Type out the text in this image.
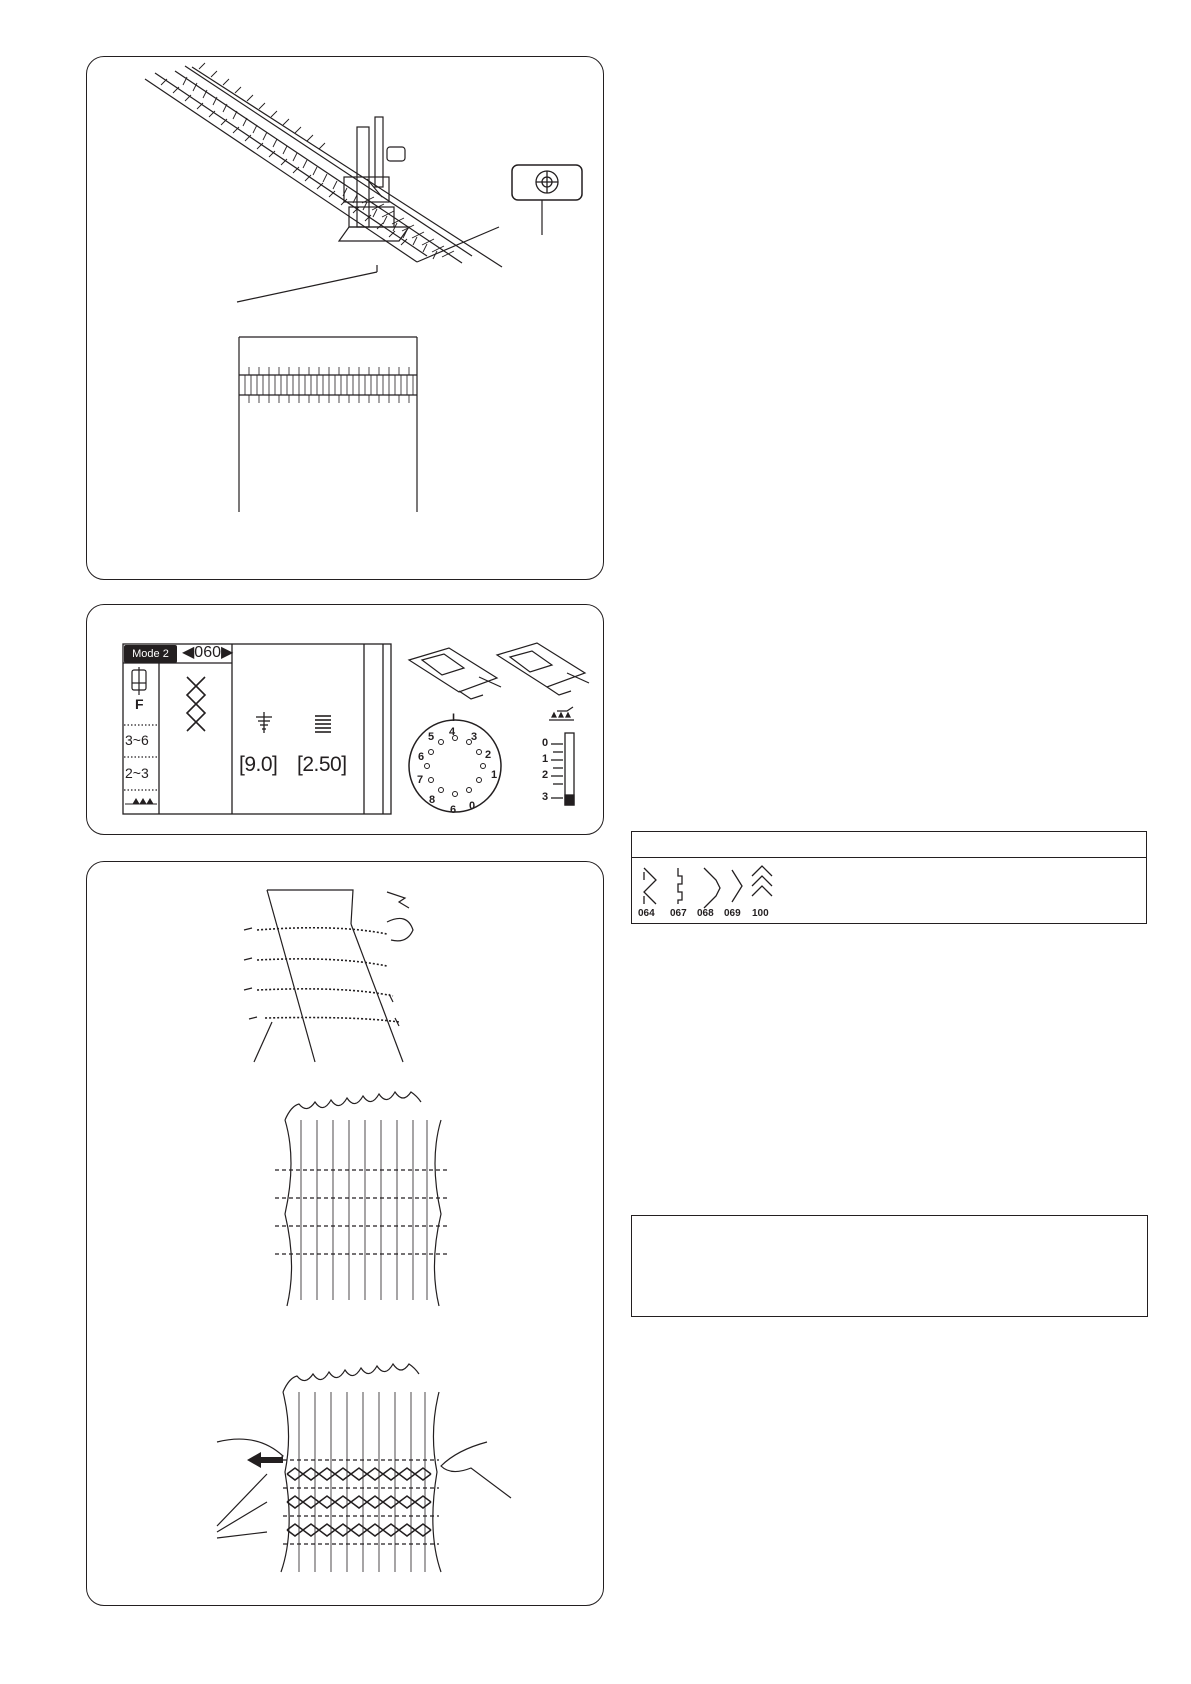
Mode 2 ◀060▶
F
3~6
2~3	[9.0] [2.50]
I
5 4 3
2
1
0
6
8
7
6
0
1
2
3
064 067 068 069 100
